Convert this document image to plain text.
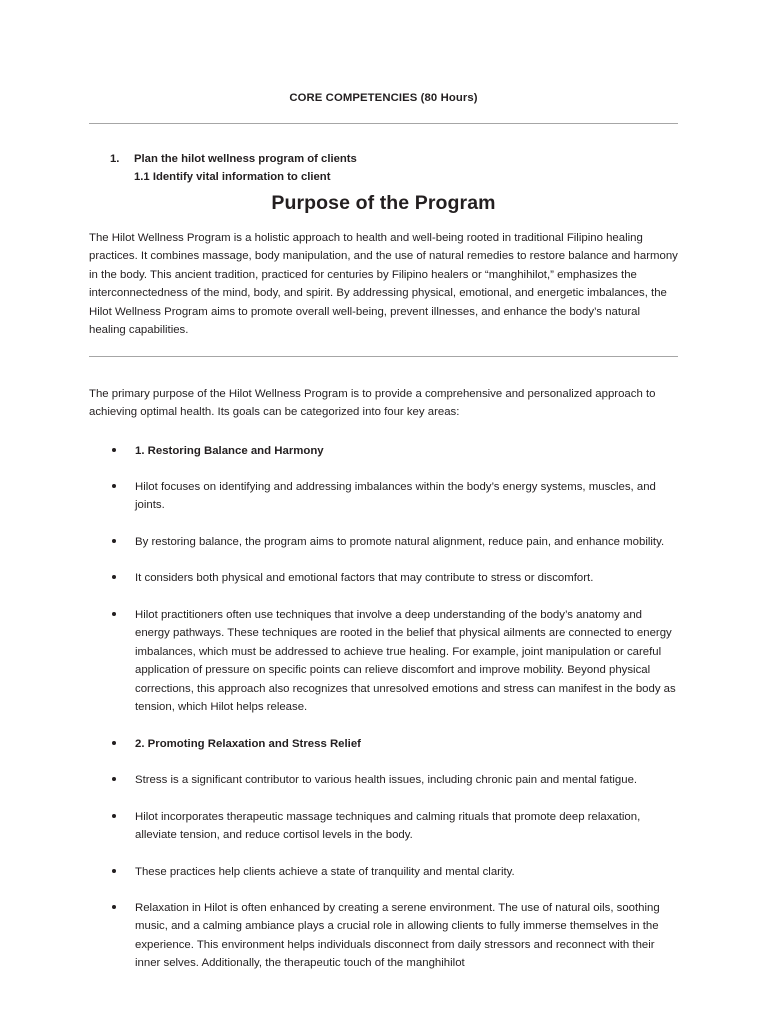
CORE COMPETENCIES (80 Hours)
1. Plan the hilot wellness program of clients
1.1 Identify vital information to client
Purpose of the Program

The Hilot Wellness Program is a holistic approach to health and well-being rooted in traditional Filipino healing practices. It combines massage, body manipulation, and the use of natural remedies to restore balance and harmony in the body. This ancient tradition, practiced for centuries by Filipino healers or “manghihilot,” emphasizes the interconnectedness of the mind, body, and spirit. By addressing physical, emotional, and energetic imbalances, the Hilot Wellness Program aims to promote overall well-being, prevent illnesses, and enhance the body’s natural healing capabilities.

The primary purpose of the Hilot Wellness Program is to provide a comprehensive and personalized approach to achieving optimal health. Its goals can be categorized into four key areas:

1. Restoring Balance and Harmony
Hilot focuses on identifying and addressing imbalances within the body’s energy systems, muscles, and joints.
By restoring balance, the program aims to promote natural alignment, reduce pain, and enhance mobility.
It considers both physical and emotional factors that may contribute to stress or discomfort.
Hilot practitioners often use techniques that involve a deep understanding of the body’s anatomy and energy pathways. These techniques are rooted in the belief that physical ailments are connected to energy imbalances, which must be addressed to achieve true healing. For example, joint manipulation or careful application of pressure on specific points can relieve discomfort and improve mobility. Beyond physical corrections, this approach also recognizes that unresolved emotions and stress can manifest in the body as tension, which Hilot helps release.
2. Promoting Relaxation and Stress Relief
Stress is a significant contributor to various health issues, including chronic pain and mental fatigue.
Hilot incorporates therapeutic massage techniques and calming rituals that promote deep relaxation, alleviate tension, and reduce cortisol levels in the body.
These practices help clients achieve a state of tranquility and mental clarity.
Relaxation in Hilot is often enhanced by creating a serene environment. The use of natural oils, soothing music, and a calming ambiance plays a crucial role in allowing clients to fully immerse themselves in the experience. This environment helps individuals disconnect from daily stressors and reconnect with their inner selves. Additionally, the therapeutic touch of the manghihilot
